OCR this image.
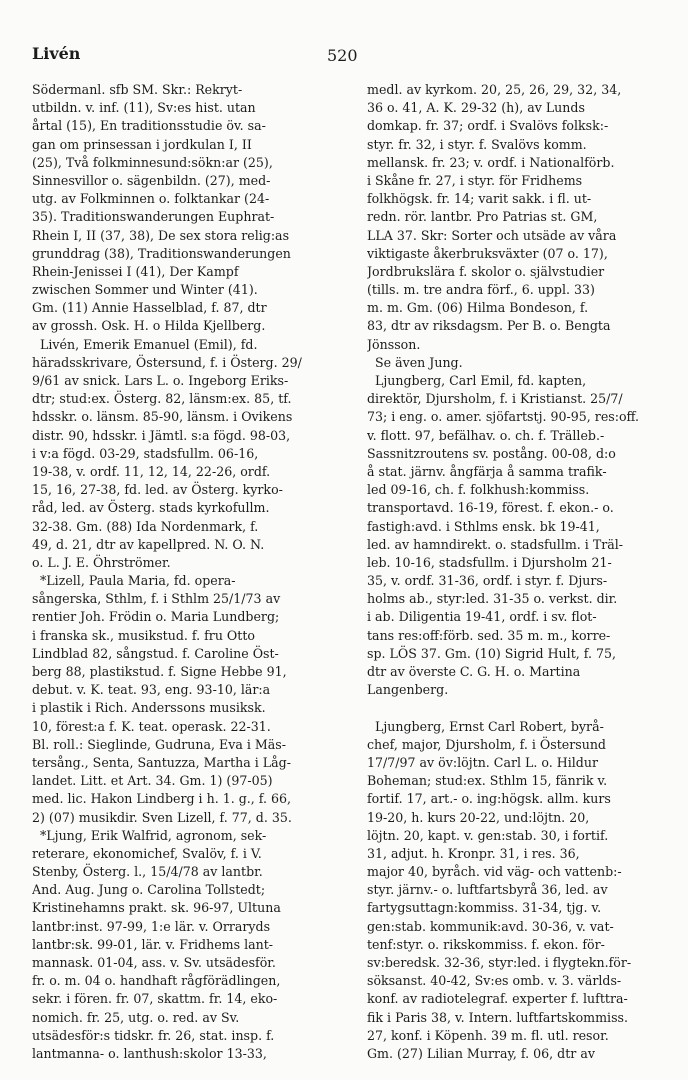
Livén	520
Södermanl. sfb SM. Skr.: Rekryt-
utbildn. v. inf. (11), Sv:es hist. utan
årtal (15), En traditionsstudie öv. sa-
gan om prinsessan i jordkulan I, II
(25), Två folkminnesund:sökn:ar (25),
Sinnesvillor o. sägenbildn. (27), med-
utg. av Folkminnen o. folktankar (24-
35). Traditionswanderungen Euphrat-
Rhein I, II (37, 38), De sex stora relig:as
grunddrag (38), Traditionswanderungen
Rhein-Jenissei I (41), Der Kampf
zwischen Sommer und Winter (41).
Gm. (11) Annie Hasselblad, f. 87, dtr
av grossh. Osk. H. o Hilda Kjellberg.
Livén, Emerik Emanuel (Emil), fd.
häradsskrivare, Östersund, f. i Österg. 29/
9/61 av snick. Lars L. o. Ingeborg Eriks-
dtr; stud:ex. Österg. 82, länsm:ex. 85, tf.
hdsskr. o. länsm. 85-90, länsm. i Ovikens
distr. 90, hdsskr. i Jämtl. s:a fögd. 98-03,
i v:a fögd. 03-29, stadsfullm. 06-16,
19-38, v. ordf. 11, 12, 14, 22-26, ordf.
15, 16, 27-38, fd. led. av Österg. kyrko-
råd, led. av Österg. stads kyrkofullm.
32-38. Gm. (88) Ida Nordenmark, f.
49, d. 21, dtr av kapellpred. N. O. N.
o. L. J. E. Öhrströmer.
*Lizell, Paula Maria, fd. opera-
sångerska, Sthlm, f. i Sthlm 25/1/73 av
rentier Joh. Frödin o. Maria Lundberg;
i franska sk., musikstud. f. fru Otto
Lindblad 82, sångstud. f. Caroline Öst-
berg 88, plastikstud. f. Signe Hebbe 91,
debut. v. K. teat. 93, eng. 93-10, lär:a
i plastik i Rich. Anderssons musiksk.
10, förest:a f. K. teat. operask. 22-31.
Bl. roll.: Sieglinde, Gudruna, Eva i Mäs-
tersång., Senta, Santuzza, Martha i Låg-
landet. Litt. et Art. 34. Gm. 1) (97-05)
med. lic. Hakon Lindberg i h. 1. g., f. 66,
2) (07) musikdir. Sven Lizell, f. 77, d. 35.
*Ljung, Erik Walfrid, agronom, sek-
reterare, ekonomichef, Svalöv, f. i V.
Stenby, Österg. l., 15/4/78 av lantbr.
And. Aug. Jung o. Carolina Tollstedt;
Kristinehamns prakt. sk. 96-97, Ultuna
lantbr:inst. 97-99, 1:e lär. v. Orraryds
lantbr:sk. 99-01, lär. v. Fridhems lant-
mannask. 01-04, ass. v. Sv. utsädesför.
fr. o. m. 04 o. handhaft rågförädlingen,
sekr. i fören. fr. 07, skattm. fr. 14, eko-
nomich. fr. 25, utg. o. red. av Sv.
utsädesför:s tidskr. fr. 26, stat. insp. f.
lantmanna- o. lanthush:skolor 13-33,
medl. av kyrkom. 20, 25, 26, 29, 32, 34,
36 o. 41, A. K. 29-32 (h), av Lunds
domkap. fr. 37; ordf. i Svalövs folksk:-
styr. fr. 32, i styr. f. Svalövs komm.
mellansk. fr. 23; v. ordf. i Nationalförb.
i Skåne fr. 27, i styr. för Fridhems
folkhögsk. fr. 14; varit sakk. i fl. ut-
redn. rör. lantbr. Pro Patrias st. GM,
LLA 37. Skr: Sorter och utsäde av våra
viktigaste åkerbruksväxter (07 o. 17),
Jordbrukslära f. skolor o. självstudier
(tills. m. tre andra förf., 6. uppl. 33)
m. m. Gm. (06) Hilma Bondeson, f.
83, dtr av riksdagsm. Per B. o. Bengta
Jönsson.
Se även Jung.
Ljungberg, Carl Emil, fd. kapten,
direktör, Djursholm, f. i Kristianst. 25/7/
73; i eng. o. amer. sjöfartstj. 90-95, res:off.
v. flott. 97, befälhav. o. ch. f. Trälleb.-
Sassnitzroutens sv. postång. 00-08, d:o
å stat. järnv. ångfärja å samma trafik-
led 09-16, ch. f. folkhush:kommiss.
transportavd. 16-19, förest. f. ekon.- o.
fastigh:avd. i Sthlms ensk. bk 19-41,
led. av hamndirekt. o. stadsfullm. i Träl-
leb. 10-16, stadsfullm. i Djursholm 21-
35, v. ordf. 31-36, ordf. i styr. f. Djurs-
holms ab., styr:led. 31-35 o. verkst. dir.
i ab. Diligentia 19-41, ordf. i sv. flot-
tans res:off:förb. sed. 35 m. m., korre-
sp. LÖS 37. Gm. (10) Sigrid Hult, f. 75,
dtr av överste C. G. H. o. Martina
Langenberg.
Ljungberg, Ernst Carl Robert, byrå-
chef, major, Djursholm, f. i Östersund
17/7/97 av öv:löjtn. Carl L. o. Hildur
Boheman; stud:ex. Sthlm 15, fänrik v.
fortif. 17, art.- o. ing:högsk. allm. kurs
19-20, h. kurs 20-22, und:löjtn. 20,
löjtn. 20, kapt. v. gen:stab. 30, i fortif.
31, adjut. h. Kronpr. 31, i res. 36,
major 40, byråch. vid väg- och vattenb:-
styr. järnv.- o. luftfartsbyrå 36, led. av
fartygsuttagn:kommiss. 31-34, tjg. v.
gen:stab. kommunik:avd. 30-36, v. vat-
tenf:styr. o. rikskommiss. f. ekon. för-
sv:beredsk. 32-36, styr:led. i flygtekn.för-
söksanst. 40-42, Sv:es omb. v. 3. världs-
konf. av radiotelegraf. experter f. lufttra-
fik i Paris 38, v. Intern. luftfartskommiss.
27, konf. i Köpenh. 39 m. fl. utl. resor.
Gm. (27) Lilian Murray, f. 06, dtr av
